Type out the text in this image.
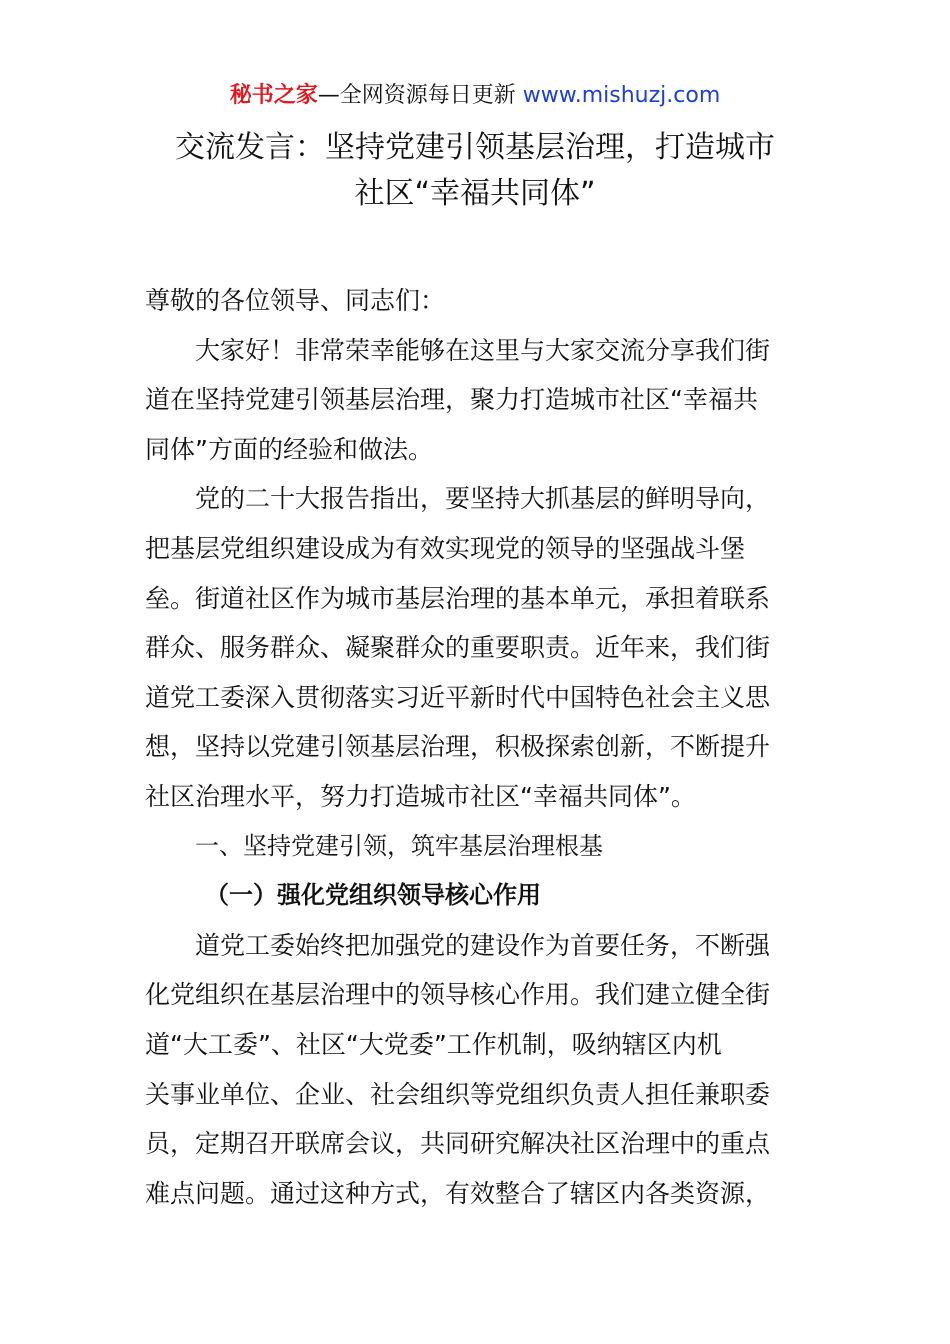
秘书之家—全网资源每日更新 www.mishuzj.com
交流发言：坚持党建引领基层治理，打造城市
社区“幸福共同体”
尊敬的各位领导、同志们：
大家好！非常荣幸能够在这里与大家交流分享我们街
道在坚持党建引领基层治理，聚力打造城市社区“幸福共
同体”方面的经验和做法。
党的二十大报告指出，要坚持大抓基层的鲜明导向，
把基层党组织建设成为有效实现党的领导的坚强战斗堡
垒。街道社区作为城市基层治理的基本单元，承担着联系
群众、服务群众、凝聚群众的重要职责。近年来，我们街
道党工委深入贯彻落实习近平新时代中国特色社会主义思
想，坚持以党建引领基层治理，积极探索创新，不断提升
社区治理水平，努力打造城市社区“幸福共同体”。
一、坚持党建引领，筑牢基层治理根基
（一）强化党组织领导核心作用
道党工委始终把加强党的建设作为首要任务，不断强
化党组织在基层治理中的领导核心作用。我们建立健全街
道“大工委”、社区“大党委”工作机制，吸纳辖区内机
关事业单位、企业、社会组织等党组织负责人担任兼职委
员，定期召开联席会议，共同研究解决社区治理中的重点
难点问题。通过这种方式，有效整合了辖区内各类资源，
